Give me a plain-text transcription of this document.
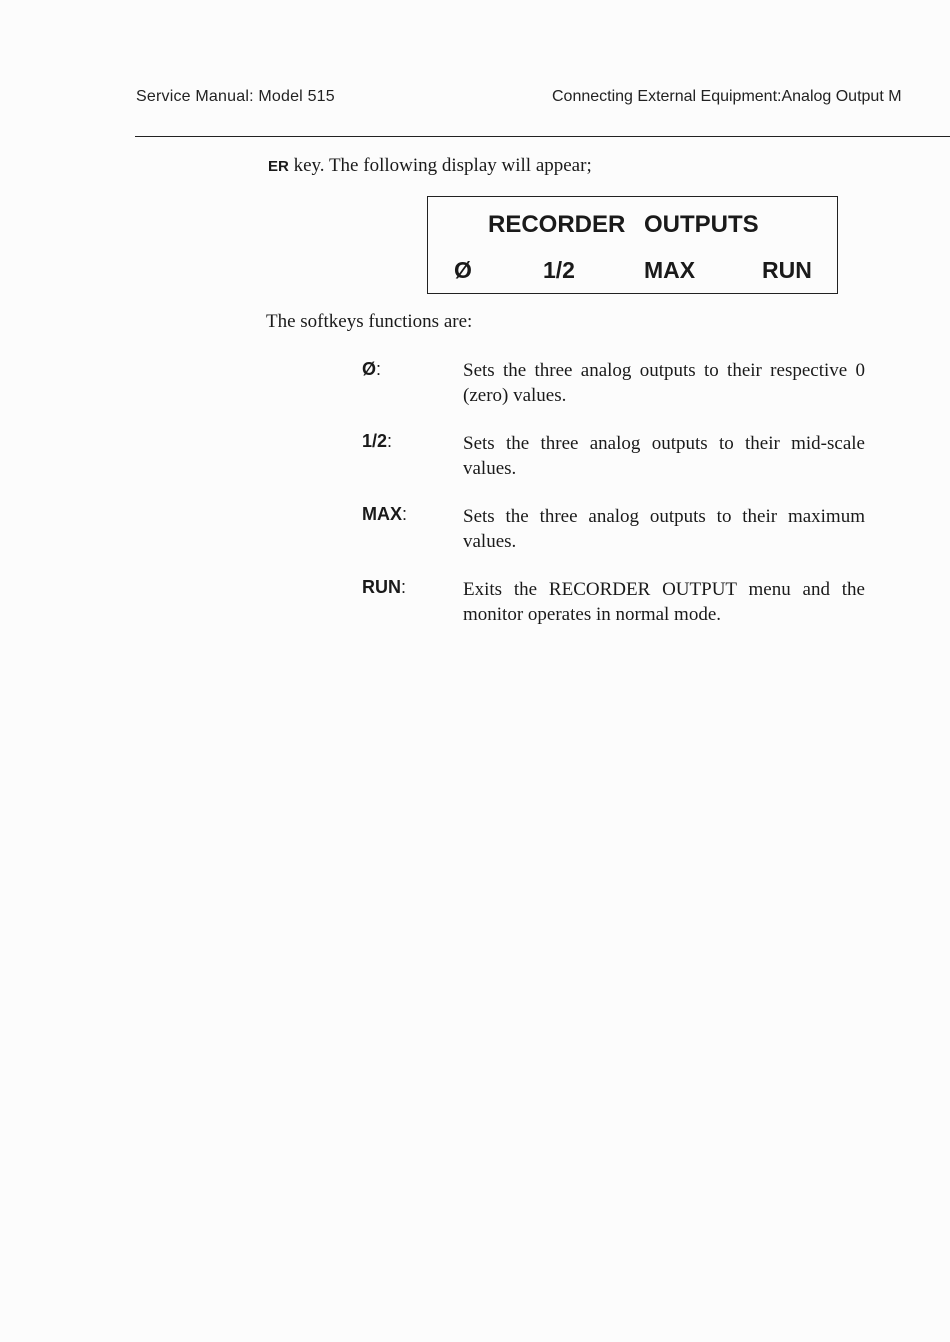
Service Manual: Model 515	Connecting External Equipment:Analog Output M
ER key. The following display will appear;
RECORDER OUTPUTS
Ø	1/2	MAX	RUN
The softkeys functions are:
Ø:	Sets the three analog outputs to their respective 0 (zero) values.
1/2:	Sets the three analog outputs to their mid-scale values.
MAX:	Sets the three analog outputs to their maximum values.
RUN:	Exits the RECORDER OUTPUT menu and the monitor operates in normal mode.
